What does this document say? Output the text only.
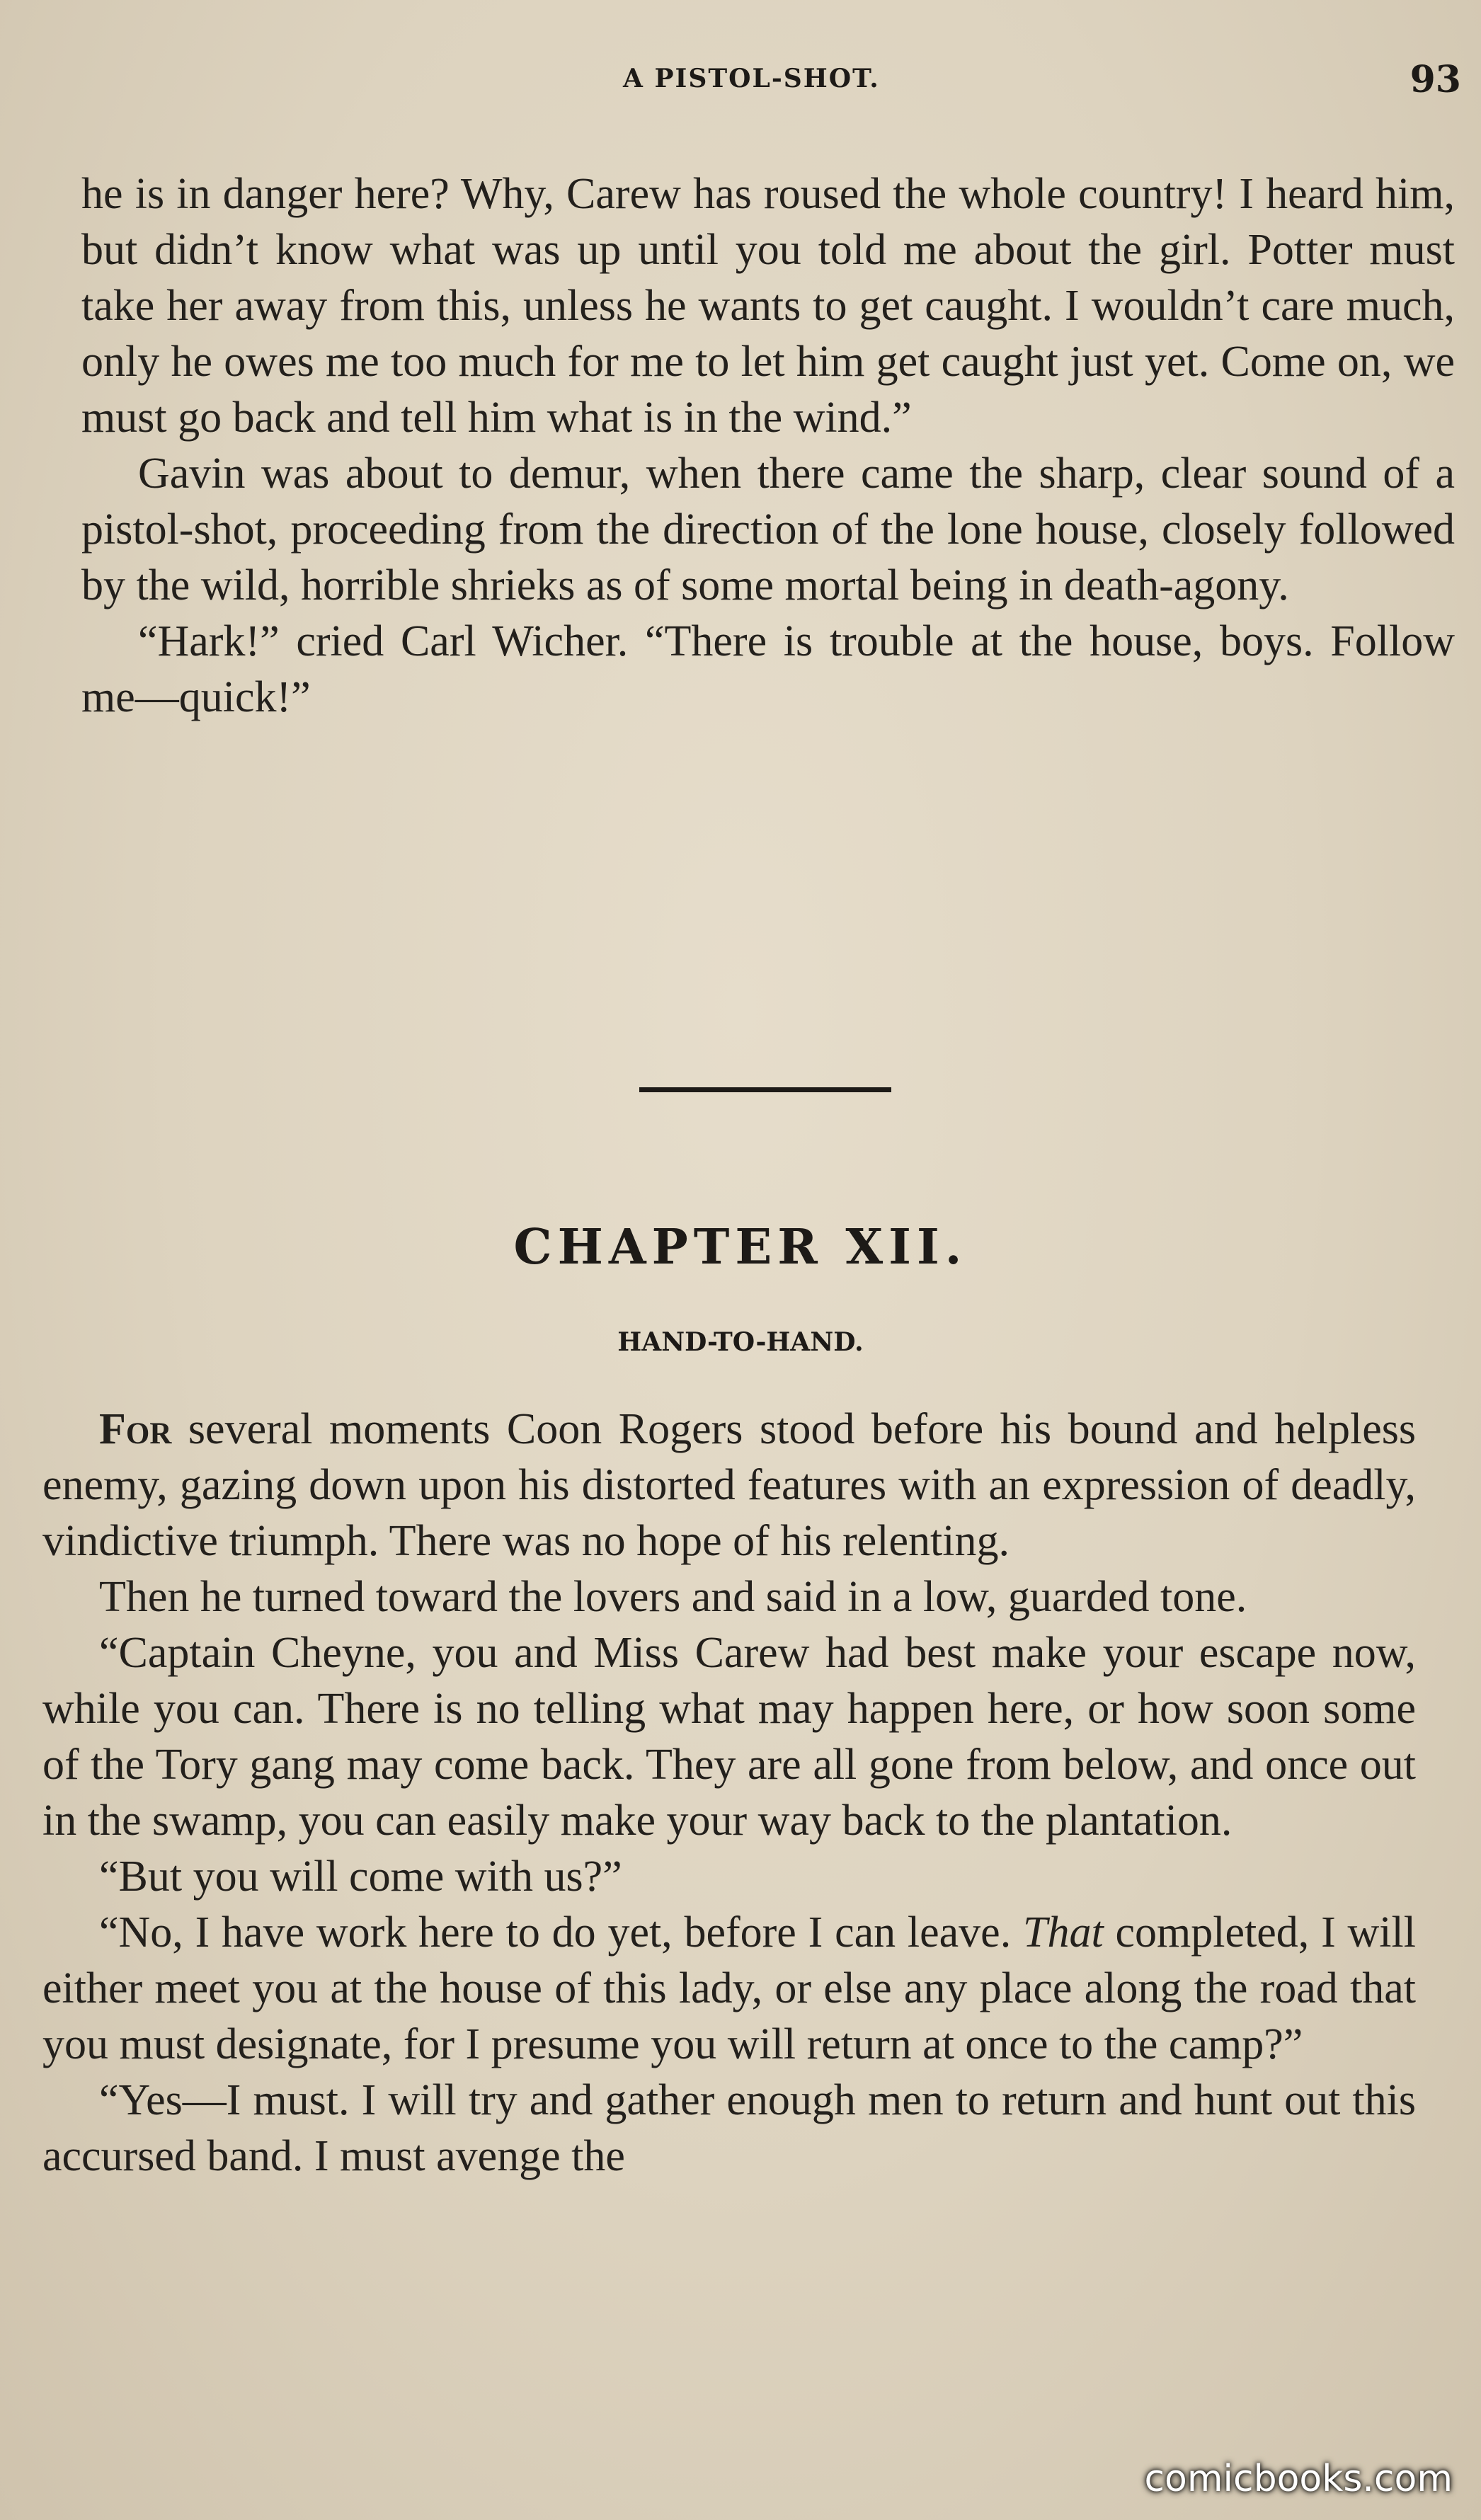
A PISTOL-SHOT.	93

he is in danger here? Why, Carew has roused the whole country! I heard him, but didn’t know what was up until you told me about the girl. Potter must take her away from this, unless he wants to get caught. I wouldn’t care much, only he owes me too much for me to let him get caught just yet. Come on, we must go back and tell him what is in the wind.”

Gavin was about to demur, when there came the sharp, clear sound of a pistol-shot, proceeding from the direction of the lone house, closely followed by the wild, horrible shrieks as of some mortal being in death-agony.

“Hark!” cried Carl Wicher. “There is trouble at the house, boys. Follow me—quick!”

CHAPTER XII.
HAND-TO-HAND.

For several moments Coon Rogers stood before his bound and helpless enemy, gazing down upon his distorted features with an expression of deadly, vindictive triumph. There was no hope of his relenting.

Then he turned toward the lovers and said in a low, guarded tone.

“Captain Cheyne, you and Miss Carew had best make your escape now, while you can. There is no telling what may happen here, or how soon some of the Tory gang may come back. They are all gone from below, and once out in the swamp, you can easily make your way back to the plantation.

“But you will come with us?”

“No, I have work here to do yet, before I can leave. That completed, I will either meet you at the house of this lady, or else any place along the road that you must designate, for I presume you will return at once to the camp?”

“Yes—I must. I will try and gather enough men to return and hunt out this accursed band. I must avenge the

comicbooks.com
